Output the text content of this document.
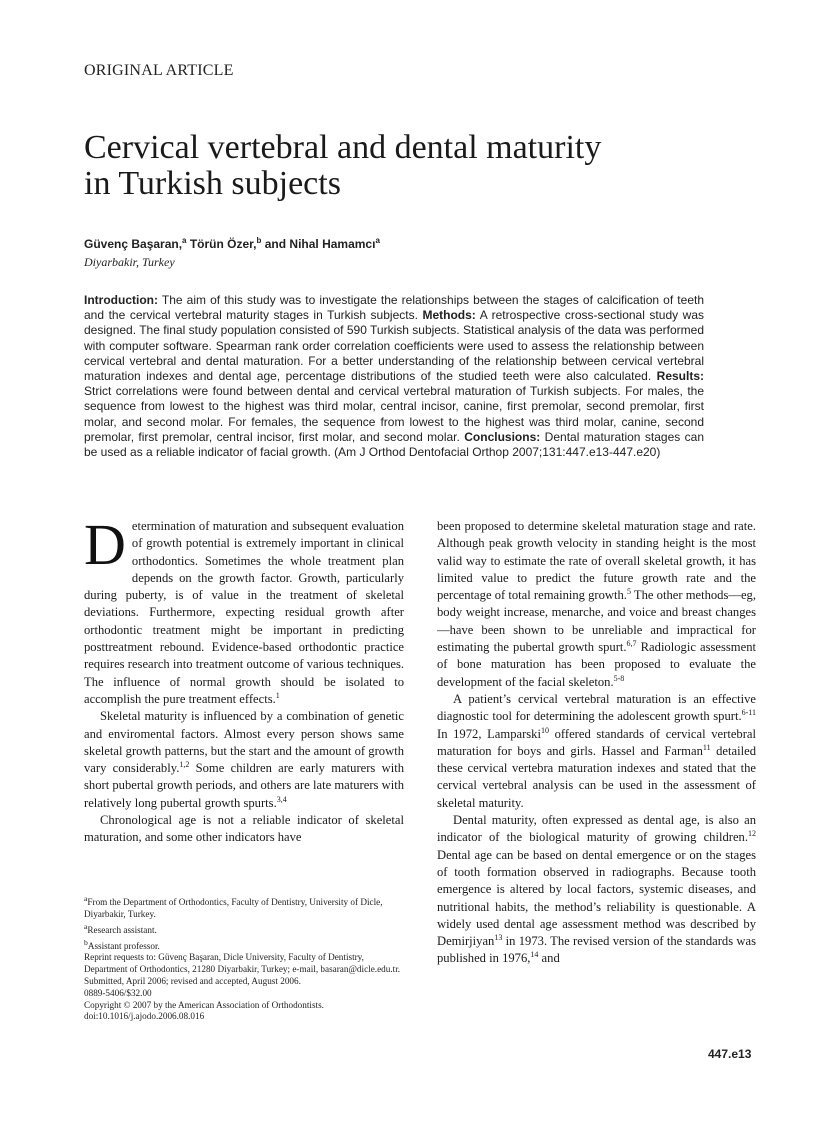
ORIGINAL ARTICLE
Cervical vertebral and dental maturity
in Turkish subjects
Güvenç Başaran,$^a$ Törün Özer,$^b$ and Nihal Hamamcı$^a$
Diyarbakir, Turkey

Introduction: The aim of this study was to investigate the relationships between the stages of calcification of teeth and the cervical vertebral maturity stages in Turkish subjects. Methods: A retrospective cross-sectional study was designed. The final study population consisted of 590 Turkish subjects. Statistical analysis of the data was performed with computer software. Spearman rank order correlation coefficients were used to assess the relationship between cervical vertebral and dental maturation. For a better understanding of the relationship between cervical vertebral maturation indexes and dental age, percentage distributions of the studied teeth were also calculated. Results: Strict correlations were found between dental and cervical vertebral maturation of Turkish subjects. For males, the sequence from lowest to the highest was third molar, central incisor, canine, first premolar, second premolar, first molar, and second molar. For females, the sequence from lowest to the highest was third molar, canine, second premolar, first premolar, central incisor, first molar, and second molar. Conclusions: Dental maturation stages can be used as a reliable indicator of facial growth. (Am J Orthod Dentofacial Orthop 2007;131:447.e13-447.e20)

Determination of maturation and subsequent evaluation of growth potential is extremely important in clinical orthodontics. Sometimes the whole treatment plan depends on the growth factor. Growth, particularly during puberty, is of value in the treatment of skeletal deviations. Furthermore, expecting residual growth after orthodontic treatment might be important in predicting posttreatment rebound. Evidence-based orthodontic practice requires research into treatment outcome of various techniques. The influence of normal growth should be isolated to accomplish the pure treatment effects.$^1$

Skeletal maturity is influenced by a combination of genetic and enviromental factors. Almost every person shows same skeletal growth patterns, but the start and the amount of growth vary considerably.$^{1,2}$ Some children are early maturers with short pubertal growth periods, and others are late maturers with relatively long pubertal growth spurts.$^{3,4}$

Chronological age is not a reliable indicator of skeletal maturation, and some other indicators have

been proposed to determine skeletal maturation stage and rate. Although peak growth velocity in standing height is the most valid way to estimate the rate of overall skeletal growth, it has limited value to predict the future growth rate and the percentage of total remaining growth.$^5$ The other methods—eg, body weight increase, menarche, and voice and breast changes—have been shown to be unreliable and impractical for estimating the pubertal growth spurt.$^{6,7}$ Radiologic assessment of bone maturation has been proposed to evaluate the development of the facial skeleton.$^{5-8}$

A patient’s cervical vertebral maturation is an effective diagnostic tool for determining the adolescent growth spurt.$^{6-11}$ In 1972, Lamparski$^{10}$ offered standards of cervical vertebral maturation for boys and girls. Hassel and Farman$^{11}$ detailed these cervical vertebra maturation indexes and stated that the cervical vertebral analysis can be used in the assessment of skeletal maturity.

Dental maturity, often expressed as dental age, is also an indicator of the biological maturity of growing children.$^{12}$ Dental age can be based on dental emergence or on the stages of tooth formation observed in radiographs. Because tooth emergence is altered by local factors, systemic diseases, and nutritional habits, the method’s reliability is questionable. A widely used dental age assessment method was described by Demirjiyan$^{13}$ in 1973. The revised version of the standards was published in 1976,14 and

$^a$From the Department of Orthodontics, Faculty of Dentistry, University of Dicle, Diyarbakir, Turkey.
$^a$Research assistant.
$^b$Assistant professor.
Reprint requests to: Güvenç Başaran, Dicle University, Faculty of Dentistry, Department of Orthodontics, 21280 Diyarbakir, Turkey; e-mail, basaran@dicle.edu.tr.
Submitted, April 2006; revised and accepted, August 2006.
0889-5406/$32.00
Copyright © 2007 by the American Association of Orthodontists.
doi:10.1016/j.ajodo.2006.08.016
447.e13
